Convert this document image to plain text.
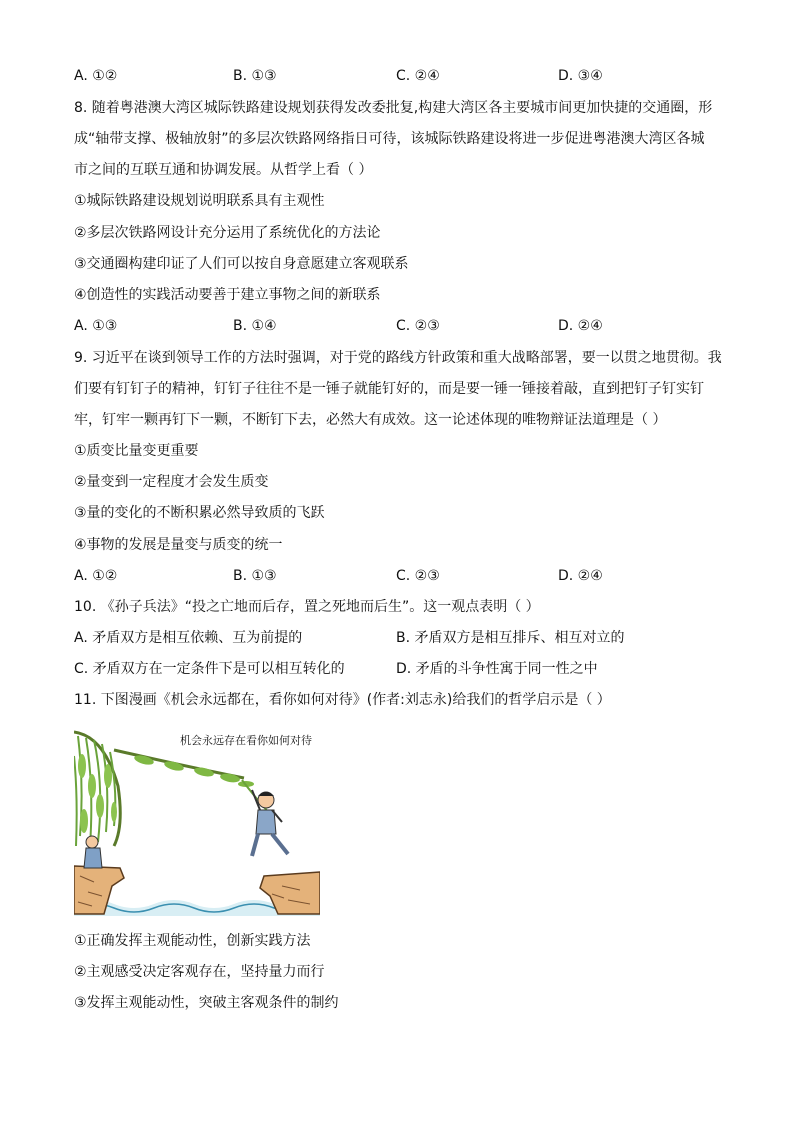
A. ①②	B. ①③	C. ②④	D. ③④
8. 随着粤港澳大湾区城际铁路建设规划获得发改委批复,构建大湾区各主要城市间更加快捷的交通圈，形
成“轴带支撑、极轴放射”的多层次铁路网络指日可待，该城际铁路建设将进一步促进粤港澳大湾区各城
市之间的互联互通和协调发展。从哲学上看（ ）
①城际铁路建设规划说明联系具有主观性
②多层次铁路网设计充分运用了系统优化的方法论
③交通圈构建印证了人们可以按自身意愿建立客观联系
④创造性的实践活动要善于建立事物之间的新联系
A. ①③	B. ①④	C. ②③	D. ②④
9. 习近平在谈到领导工作的方法时强调，对于党的路线方针政策和重大战略部署，要一以贯之地贯彻。我
们要有钉钉子的精神，钉钉子往往不是一锤子就能钉好的，而是要一锤一锤接着敲，直到把钉子钉实钉
牢，钉牢一颗再钉下一颗，不断钉下去，必然大有成效。这一论述体现的唯物辩证法道理是（ ）
①质变比量变更重要
②量变到一定程度才会发生质变
③量的变化的不断积累必然导致质的飞跃
④事物的发展是量变与质变的统一
A. ①②	B. ①③	C. ②③	D. ②④
10. 《孙子兵法》“投之亡地而后存，置之死地而后生”。这一观点表明（ ）
A. 矛盾双方是相互依赖、互为前提的	B. 矛盾双方是相互排斥、相互对立的
C. 矛盾双方在一定条件下是可以相互转化的	D. 矛盾的斗争性寓于同一性之中
11. 下图漫画《机会永远都在，看你如何对待》(作者:刘志永)给我们的哲学启示是（ ）
机会永远存在看你如何对待
①正确发挥主观能动性，创新实践方法
②主观感受决定客观存在，坚持量力而行
③发挥主观能动性，突破主客观条件的制约
